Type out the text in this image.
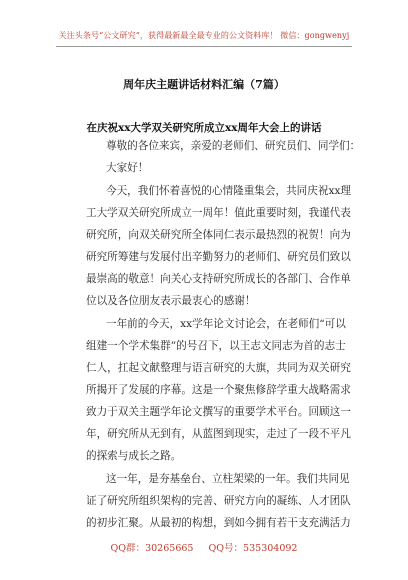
关注头条号“公文研究”，获得最新最全最专业的公文资料库！ 微信：gongwenyj
周年庆主题讲话材料汇编（7篇）
在庆祝xx大学双关研究所成立xx周年大会上的讲话
尊敬的各位来宾，亲爱的老师们、研究员们、同学们：
大家好！
今天，我们怀着喜悦的心情隆重集会，共同庆祝xx理
工大学双关研究所成立一周年！值此重要时刻，我谨代表
研究所，向双关研究所全体同仁表示最热烈的祝贺！向为
研究所筹建与发展付出辛勤努力的老师们、研究员们致以
最崇高的敬意！向关心支持研究所成长的各部门、合作单
位以及各位朋友表示最衷心的感谢！
一年前的今天，xx学年论文讨论会，在老师们“可以
组建一个学术集群”的号召下，以王志文同志为首的志士
仁人，扛起文献整理与语言研究的大旗，共同为双关研究
所揭开了发展的序幕。这是一个聚焦修辞学重大战略需求
致力于双关主题学年论文撰写的重要学术平台。回顾这一
年，研究所从无到有，从蓝图到现实，走过了一段不平凡
的探索与成长之路。
这一年，是夯基垒台、立柱架梁的一年。我们共同见
证了研究所组织架构的完善、研究方向的凝练、人才团队
的初步汇聚。从最初的构想，到如今拥有若干支充满活力
QQ群：30265665 QQ号：535304092
